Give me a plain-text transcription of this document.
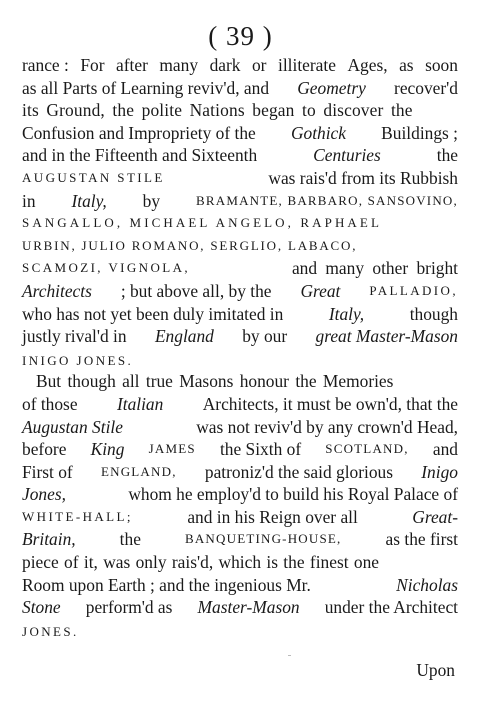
( 39 )
rance : For after many dark or illiterate Ages, as soon
as all Parts of Learning reviv'd, and Geometry recover'd
its Ground, the polite Nations began to discover the
Confusion and Impropriety of the Gothick Buildings ;
and in the Fifteenth and Sixteenth	Centuries	the
AUGUSTAN STILE	was rais'd from its Rubbish
in Italy, by	BRAMANTE, BARBARO, SANSOVINO,
SANGALLO, MICHAEL ANGELO, RAPHAEL
URBIN, JULIO ROMANO, SERGLIO, LABACO,
SCAMOZI, VIGNOLA,	and many other bright
Architects ; but above all, by the Great PALLADIO,
who has not yet been duly imitated in	Italy,	though
justly rival'd in England by our great Master-Mason
INIGO JONES.
But though all true Masons honour the Memories
of those Italian Architects, it must be own'd, that the
Augustan Stile	was not reviv'd by any crown'd Head,
before King JAMES the Sixth of SCOTLAND, and
First of ENGLAND, patroniz'd the said glorious Inigo
Jones,	whom he employ'd to build his Royal Palace of
WHITE-HALL;	and in his Reign over all	Great-
Britain,	the	BANQUETING-HOUSE,	as the first
piece of it, was only rais'd, which is the finest one
Room upon Earth ; and the ingenious Mr.	Nicholas
Stone perform'd as Master-Mason under the Architect
JONES.
Upon
